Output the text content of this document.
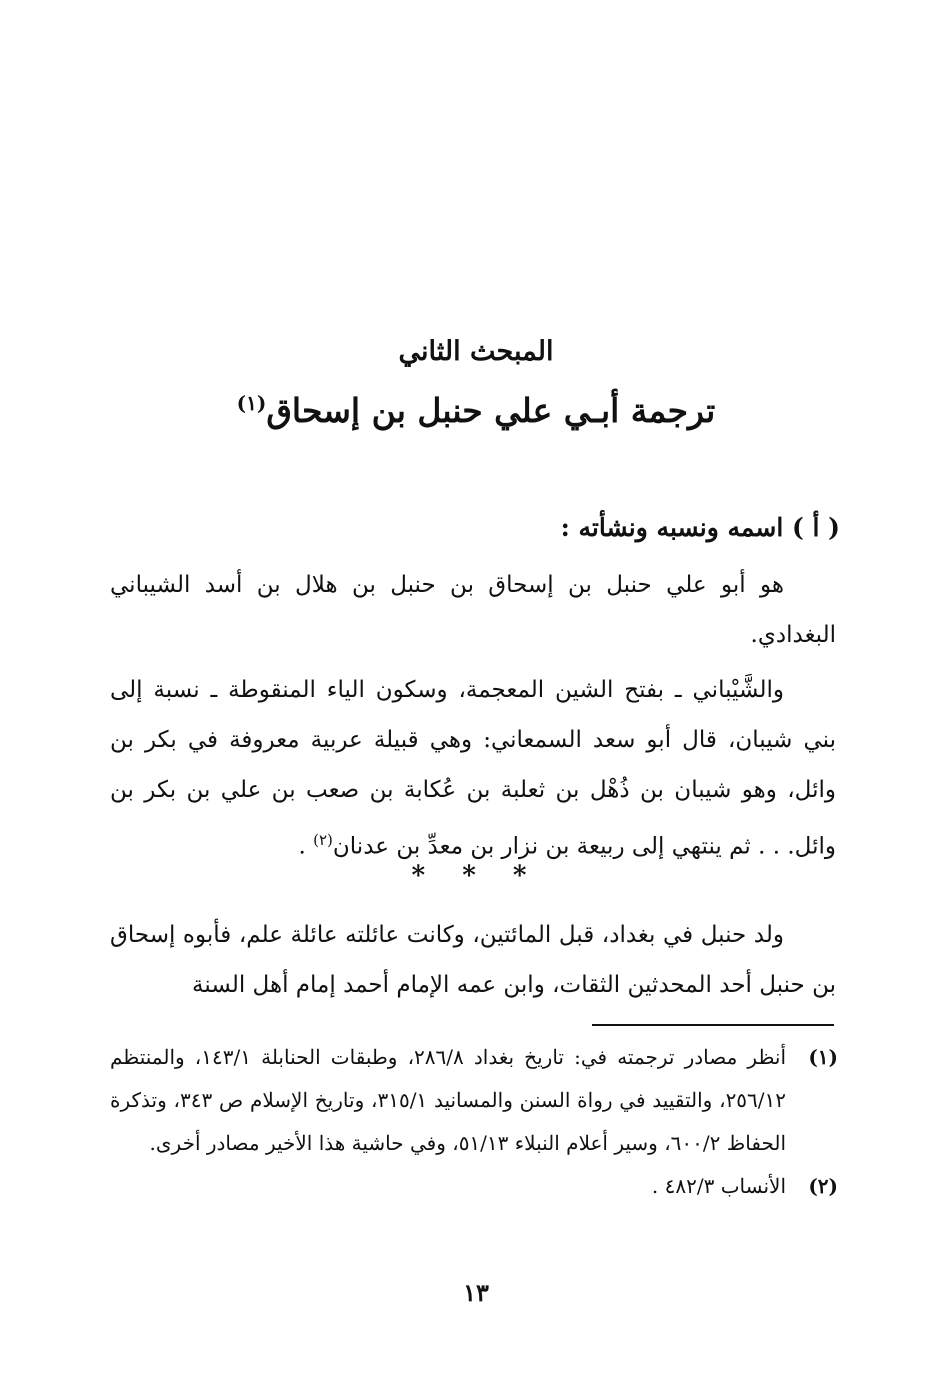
المبحث الثاني
ترجمة أبـي علي حنبل بن إسحاق$^{(١)}$
( أ ) اسمه ونسبه ونشأته :
هو أبو علي حنبل بن إسحاق بن حنبل بن هلال بن أسد الشيباني البغدادي.
والشَّيْباني ـ بفتح الشين المعجمة، وسكون الياء المنقوطة ـ نسبة إلى بني شيبان، قال أبو سعد السمعاني: وهي قبيلة عربية معروفة في بكر بن وائل، وهو شيبان بن ذُهْل بن ثعلبة بن عُكابة بن صعب بن علي بن بكر بن وائل. . . ثم ينتهي إلى ربيعة بن نزار بن معدِّ بن عدنان$^{(٢)}$ .
* * *
ولد حنبل في بغداد، قبل المائتين، وكانت عائلته عائلة علم، فأبوه إسحاق بن حنبل أحد المحدثين الثقات، وابن عمه الإمام أحمد إمام أهل السنة
(١)
أنظر مصادر ترجمته في: تاريخ بغداد ٢٨٦/٨، وطبقات الحنابلة ١٤٣/١، والمنتظم ٢٥٦/١٢، والتقييد في رواة السنن والمسانيد ٣١٥/١، وتاريخ الإسلام ص ٣٤٣، وتذكرة الحفاظ ٦٠٠/٢، وسير أعلام النبلاء ٥١/١٣، وفي حاشية هذا الأخير مصادر أخرى.
(٢)
الأنساب ٤٨٢/٣ .
١٣
